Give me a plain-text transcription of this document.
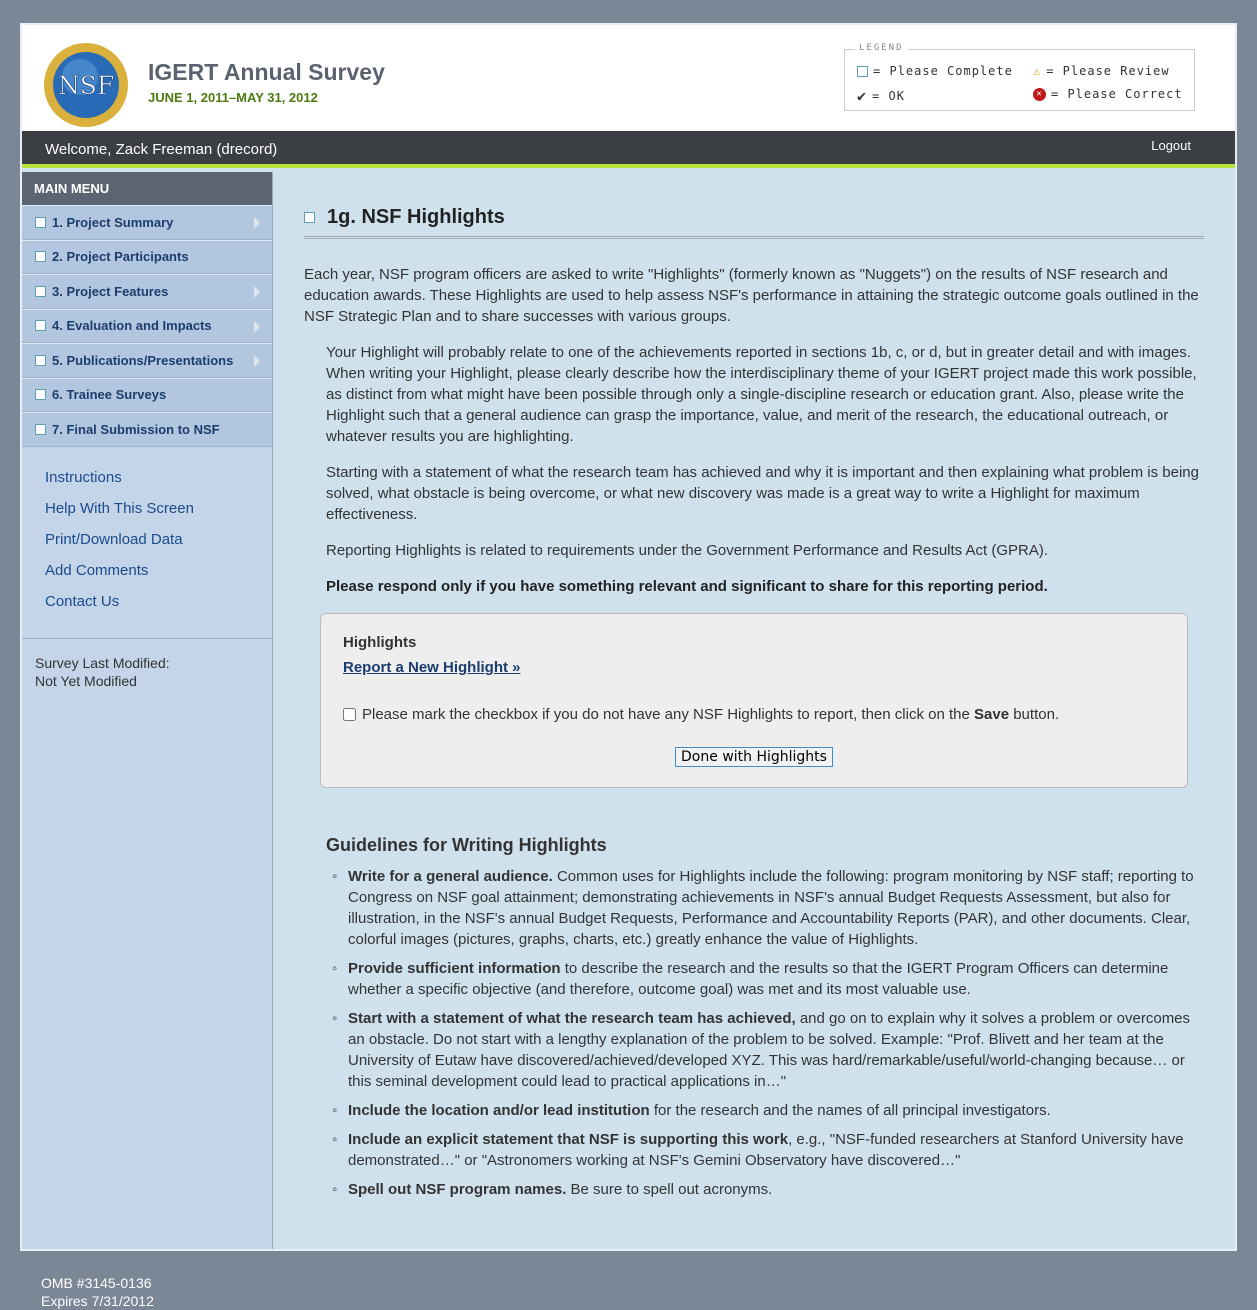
NSF IGERT Annual Survey
JUNE 1, 2011–MAY 31, 2012
LEGEND
= Please Complete
✔ = OK
⚠ = Please Review
✕ = Please Correct
Welcome, Zack Freeman (drecord)	Logout
MAIN MENU
1. Project Summary
2. Project Participants
3. Project Features
4. Evaluation and Impacts
5. Publications/Presentations
6. Trainee Surveys
7. Final Submission to NSF
Instructions
Help With This Screen
Print/Download Data
Add Comments
Contact Us
Survey Last Modified:
Not Yet Modified
1g. NSF Highlights

Each year, NSF program officers are asked to write "Highlights" (formerly known as "Nuggets") on the results of NSF research and education awards. These Highlights are used to help assess NSF's performance in attaining the strategic outcome goals outlined in the NSF Strategic Plan and to share successes with various groups.

Your Highlight will probably relate to one of the achievements reported in sections 1b, c, or d, but in greater detail and with images. When writing your Highlight, please clearly describe how the interdisciplinary theme of your IGERT project made this work possible, as distinct from what might have been possible through only a single-discipline research or education grant. Also, please write the Highlight such that a general audience can grasp the importance, value, and merit of the research, the educational outreach, or whatever results you are highlighting.

Starting with a statement of what the research team has achieved and why it is important and then explaining what problem is being solved, what obstacle is being overcome, or what new discovery was made is a great way to write a Highlight for maximum effectiveness.

Reporting Highlights is related to requirements under the Government Performance and Results Act (GPRA).

Please respond only if you have something relevant and significant to share for this reporting period.

Highlights
Report a New Highlight »
Please mark the checkbox if you do not have any NSF Highlights to report, then click on the Save button.
Done with Highlights
Guidelines for Writing Highlights
◦ Write for a general audience. Common uses for Highlights include the following: program monitoring by NSF staff; reporting to Congress on NSF goal attainment; demonstrating achievements in NSF's annual Budget Requests Assessment, but also for illustration, in the NSF's annual Budget Requests, Performance and Accountability Reports (PAR), and other documents. Clear, colorful images (pictures, graphs, charts, etc.) greatly enhance the value of Highlights.
◦ Provide sufficient information to describe the research and the results so that the IGERT Program Officers can determine whether a specific objective (and therefore, outcome goal) was met and its most valuable use.
◦ Start with a statement of what the research team has achieved, and go on to explain why it solves a problem or overcomes an obstacle. Do not start with a lengthy explanation of the problem to be solved. Example: "Prof. Blivett and her team at the University of Eutaw have discovered/achieved/developed XYZ. This was hard/remarkable/useful/world-changing because… or this seminal development could lead to practical applications in…"
◦ Include the location and/or lead institution for the research and the names of all principal investigators.
◦ Include an explicit statement that NSF is supporting this work, e.g., "NSF-funded researchers at Stanford University have demonstrated…" or "Astronomers working at NSF's Gemini Observatory have discovered…"
◦ Spell out NSF program names. Be sure to spell out acronyms.
OMB #3145-0136
Expires 7/31/2012
